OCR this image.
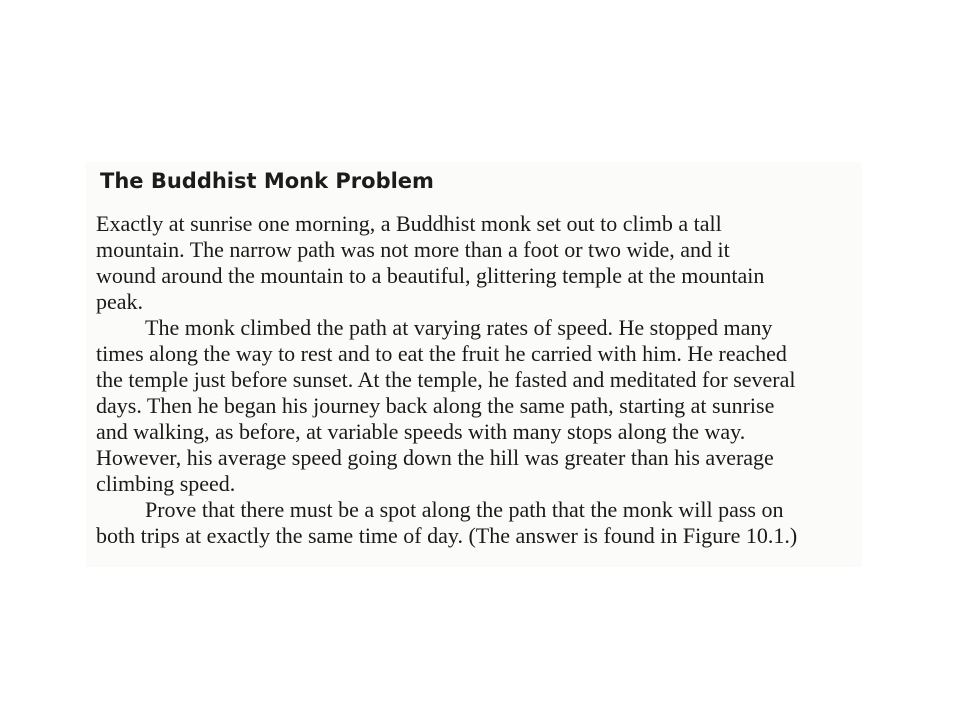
The Buddhist Monk Problem

Exactly at sunrise one morning, a Buddhist monk set out to climb a tall
mountain. The narrow path was not more than a foot or two wide, and it
wound around the mountain to a beautiful, glittering temple at the mountain
peak.

The monk climbed the path at varying rates of speed. He stopped many
times along the way to rest and to eat the fruit he carried with him. He reached
the temple just before sunset. At the temple, he fasted and meditated for several
days. Then he began his journey back along the same path, starting at sunrise
and walking, as before, at variable speeds with many stops along the way.
However, his average speed going down the hill was greater than his average
climbing speed.

Prove that there must be a spot along the path that the monk will pass on
both trips at exactly the same time of day. (The answer is found in Figure 10.1.)
